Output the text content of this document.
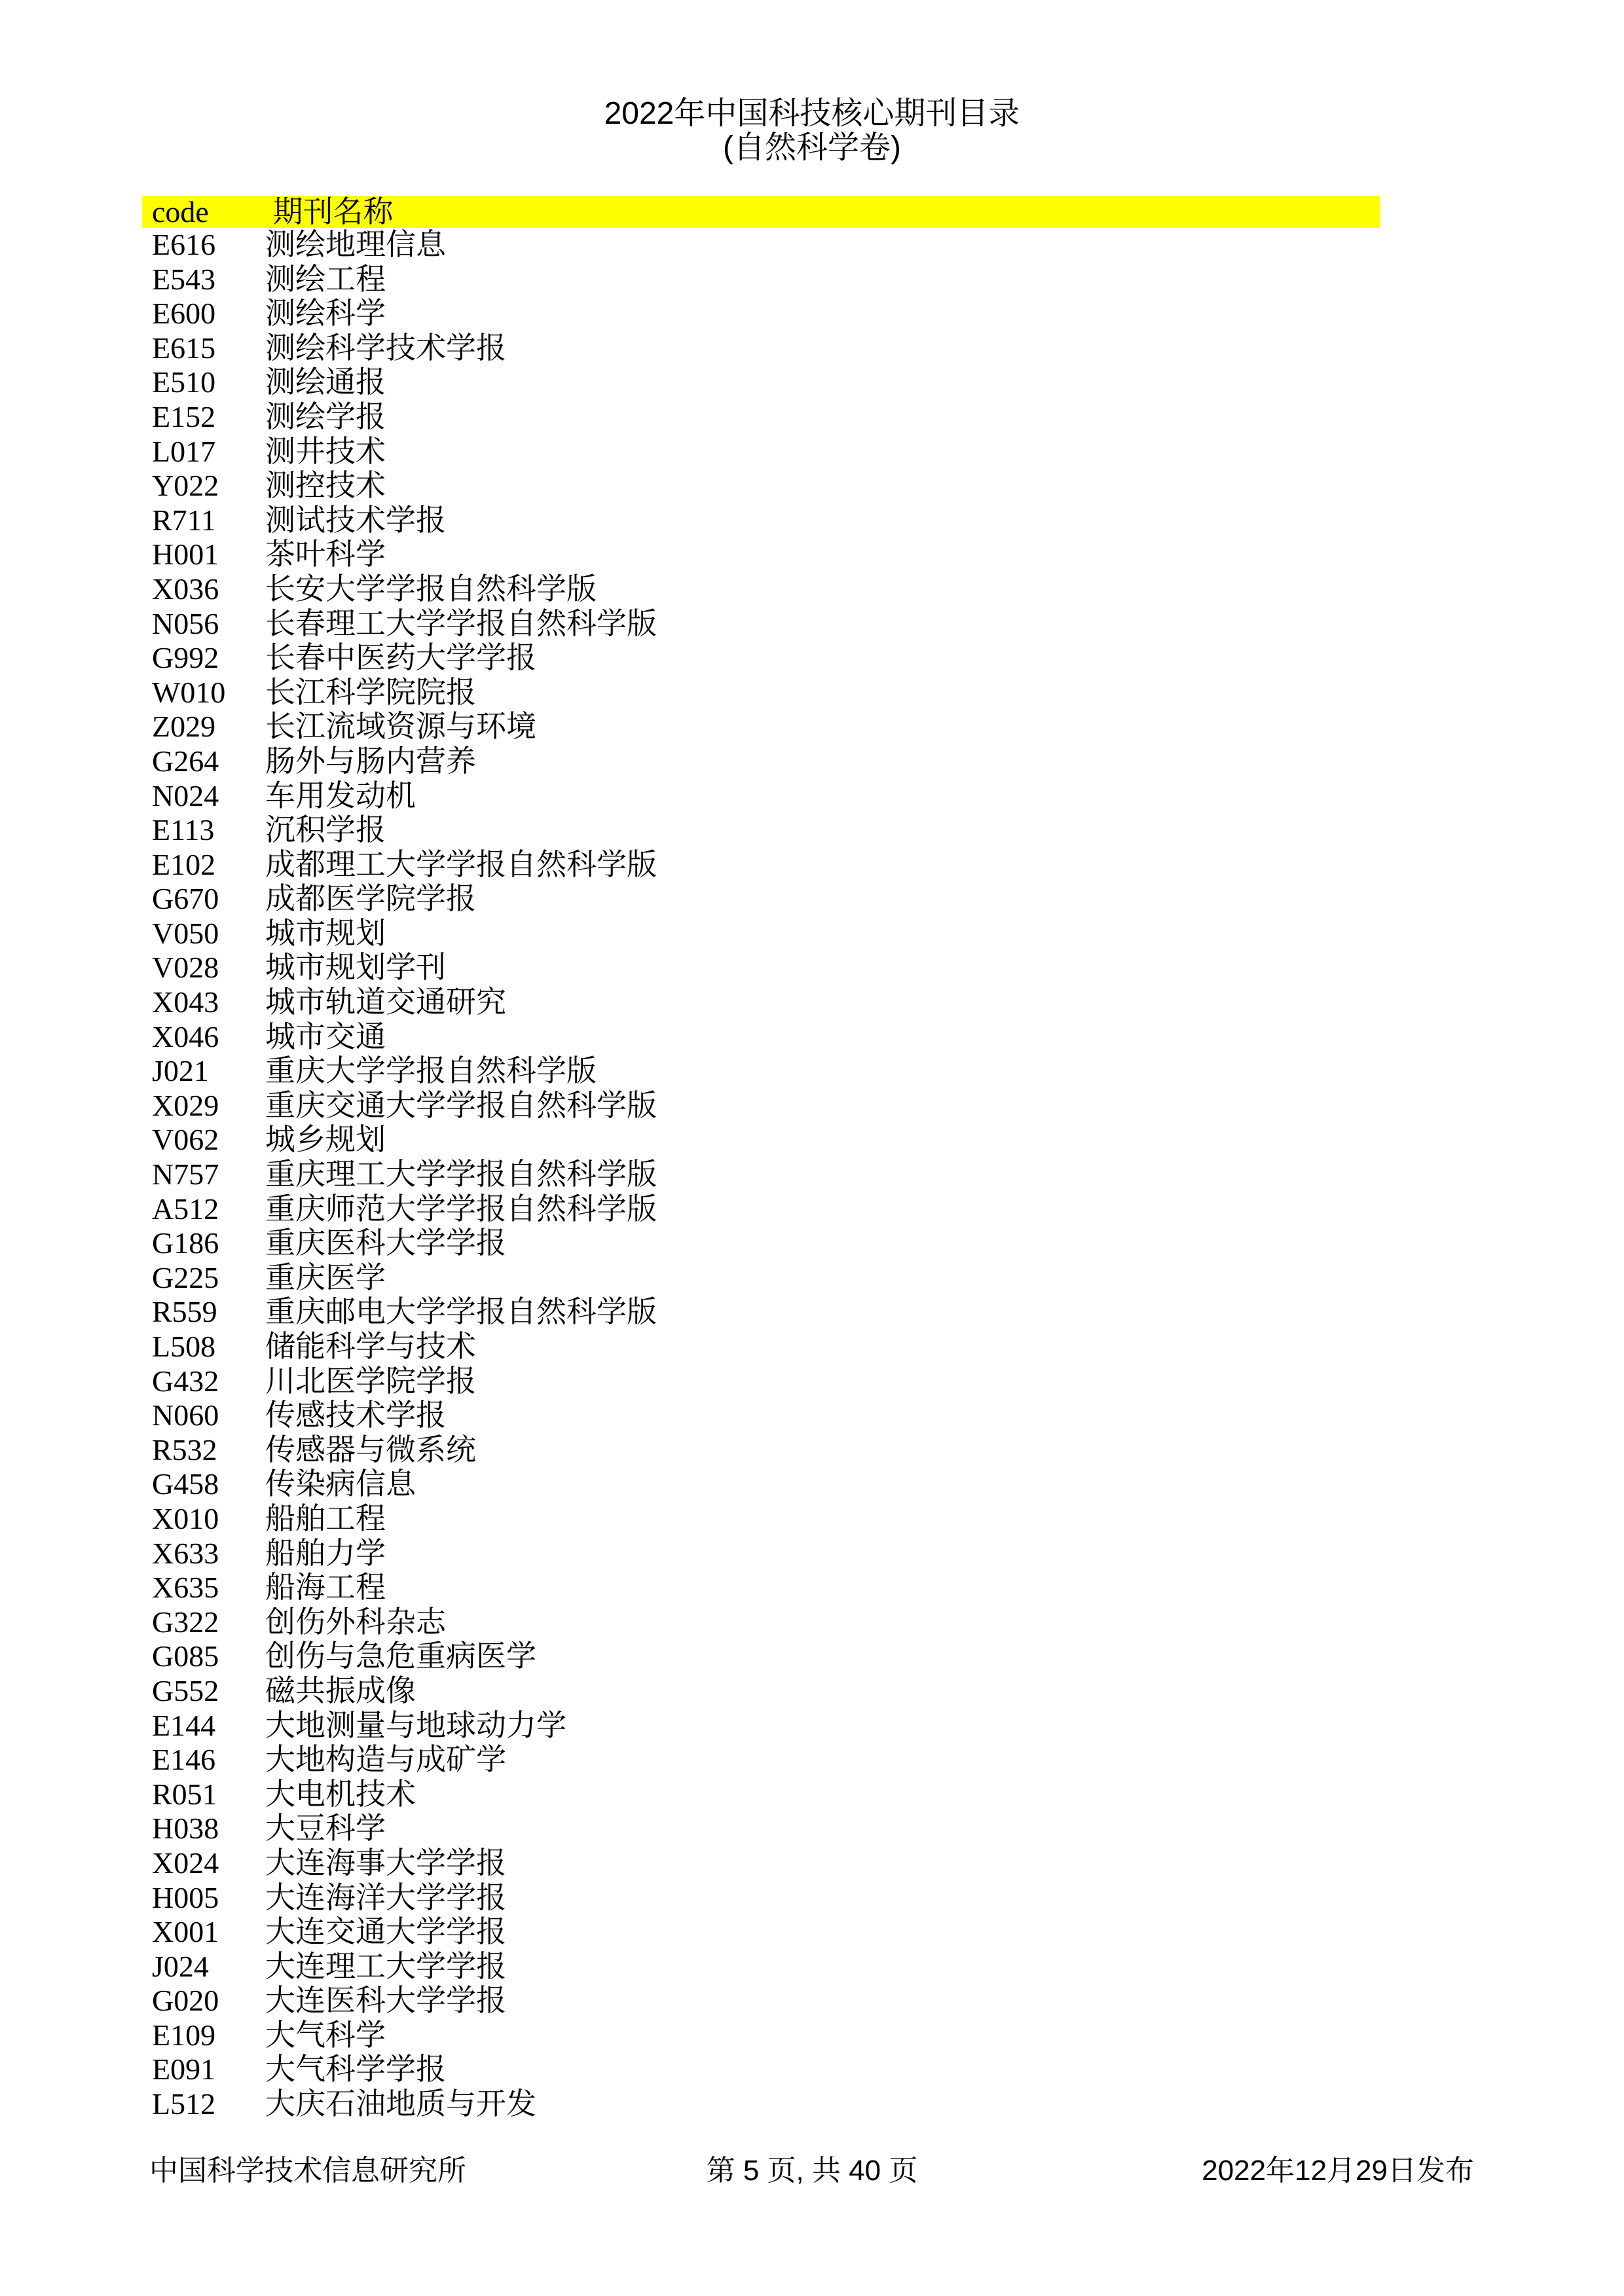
2022年中国科技核心期刊目录
(自然科学卷)
code 期刊名称
E616 测绘地理信息
E543 测绘工程
E600 测绘科学
E615 测绘科学技术学报
E510 测绘通报
E152 测绘学报
L017 测井技术
Y022 测控技术
R711 测试技术学报
H001 茶叶科学
X036 长安大学学报自然科学版
N056 长春理工大学学报自然科学版
G992 长春中医药大学学报
W010 长江科学院院报
Z029 长江流域资源与环境
G264 肠外与肠内营养
N024 车用发动机
E113 沉积学报
E102 成都理工大学学报自然科学版
G670 成都医学院学报
V050 城市规划
V028 城市规划学刊
X043 城市轨道交通研究
X046 城市交通
J021 重庆大学学报自然科学版
X029 重庆交通大学学报自然科学版
V062 城乡规划
N757 重庆理工大学学报自然科学版
A512 重庆师范大学学报自然科学版
G186 重庆医科大学学报
G225 重庆医学
R559 重庆邮电大学学报自然科学版
L508 储能科学与技术
G432 川北医学院学报
N060 传感技术学报
R532 传感器与微系统
G458 传染病信息
X010 船舶工程
X633 船舶力学
X635 船海工程
G322 创伤外科杂志
G085 创伤与急危重病医学
G552 磁共振成像
E144 大地测量与地球动力学
E146 大地构造与成矿学
R051 大电机技术
H038 大豆科学
X024 大连海事大学学报
H005 大连海洋大学学报
X001 大连交通大学学报
J024 大连理工大学学报
G020 大连医科大学学报
E109 大气科学
E091 大气科学学报
L512 大庆石油地质与开发
中国科学技术信息研究所	第 5 页, 共 40 页	2022年12月29日发布
